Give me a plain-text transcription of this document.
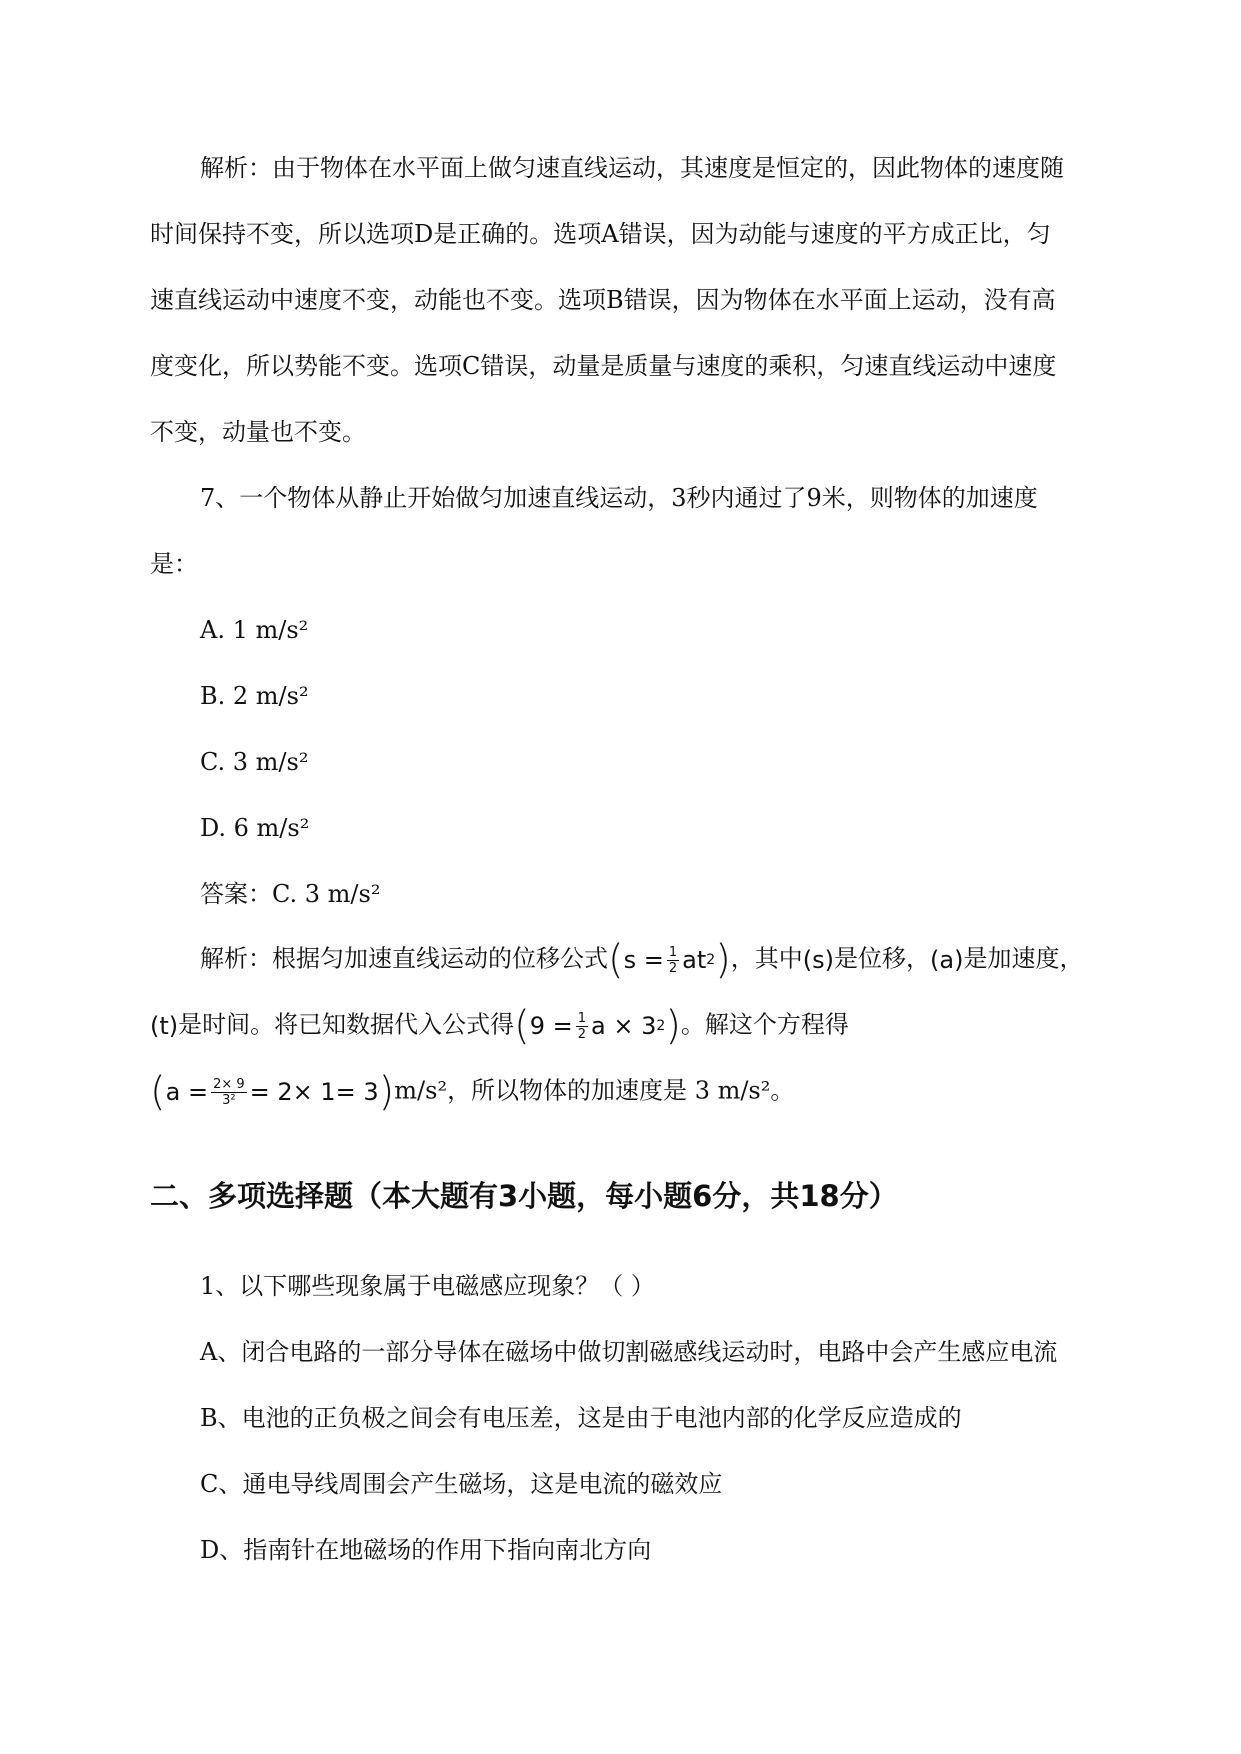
解析：由于物体在水平面上做匀速直线运动，其速度是恒定的，因此物体的速度随
时间保持不变，所以选项D是正确的。选项A错误，因为动能与速度的平方成正比，匀
速直线运动中速度不变，动能也不变。选项B错误，因为物体在水平面上运动，没有高
度变化，所以势能不变。选项C错误，动量是质量与速度的乘积，匀速直线运动中速度
不变，动量也不变。
7、一个物体从静止开始做匀加速直线运动，3秒内通过了9米，则物体的加速度
是：
A. 1 m/s²
B. 2 m/s²
C. 3 m/s²
D. 6 m/s²
答案：C. 3 m/s²
解析：根据匀加速直线运动的位移公式 ( $s = \frac{1}{2}$ at 2 ) ，其中(s)是位移，(a)是加速度，
(t)是时间。将已知数据代入公式得 ( $9 = \frac{1}{2}$ a × 3 2 ) 。解这个方程得
( $a = \frac{2\times 9}{\text{3²}} = 2\times 1= 3$ ) m/s²，所以物体的加速度是 3 m/s²。
二、多项选择题（本大题有3小题，每小题6分，共18分）
1、以下哪些现象属于电磁感应现象？（ ）
A、闭合电路的一部分导体在磁场中做切割磁感线运动时，电路中会产生感应电流
B、电池的正负极之间会有电压差，这是由于电池内部的化学反应造成的
C、通电导线周围会产生磁场，这是电流的磁效应
D、指南针在地磁场的作用下指向南北方向
